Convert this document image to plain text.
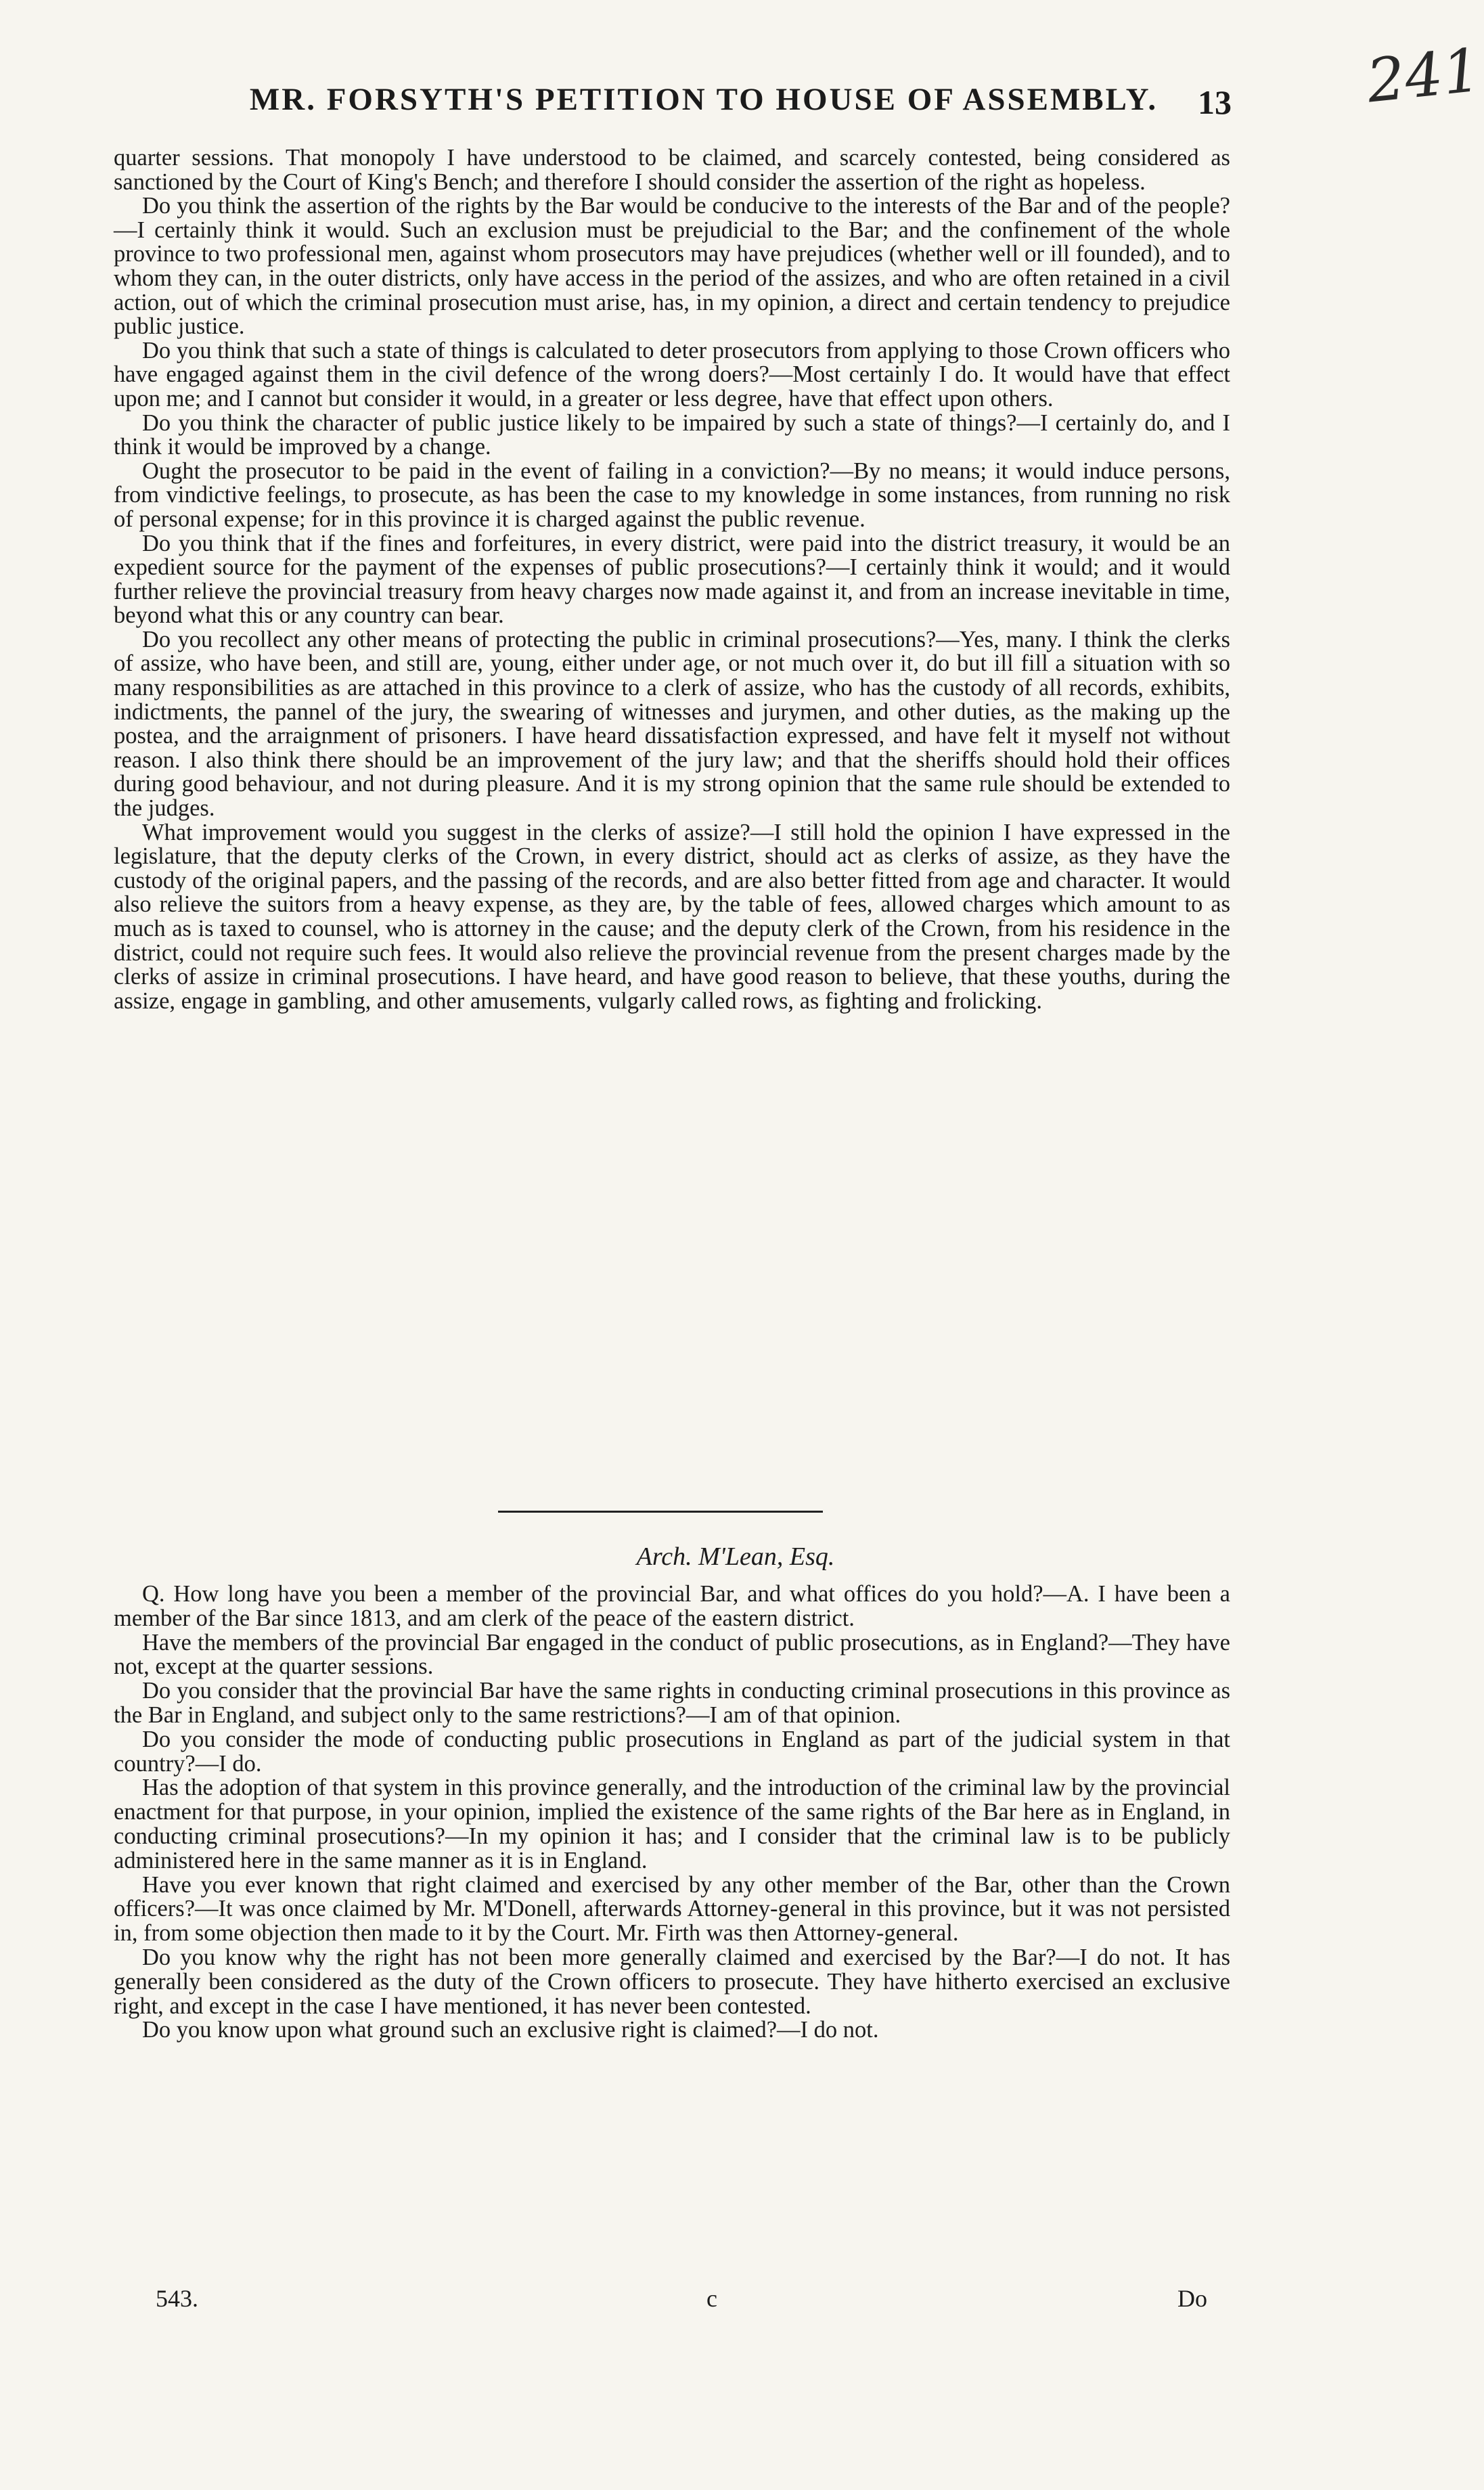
241
MR. FORSYTH'S PETITION TO HOUSE OF ASSEMBLY.	13

quarter sessions. That monopoly I have understood to be claimed, and scarcely contested, being considered as sanctioned by the Court of King's Bench; and therefore I should consider the assertion of the right as hopeless.

Do you think the assertion of the rights by the Bar would be conducive to the interests of the Bar and of the people?—I certainly think it would. Such an exclusion must be prejudicial to the Bar; and the confinement of the whole province to two professional men, against whom prosecutors may have prejudices (whether well or ill founded), and to whom they can, in the outer districts, only have access in the period of the assizes, and who are often retained in a civil action, out of which the criminal prosecution must arise, has, in my opinion, a direct and certain tendency to prejudice public justice.

Do you think that such a state of things is calculated to deter prosecutors from applying to those Crown officers who have engaged against them in the civil defence of the wrong doers?—Most certainly I do. It would have that effect upon me; and I cannot but consider it would, in a greater or less degree, have that effect upon others.

Do you think the character of public justice likely to be impaired by such a state of things?—I certainly do, and I think it would be improved by a change.

Ought the prosecutor to be paid in the event of failing in a conviction?—By no means; it would induce persons, from vindictive feelings, to prosecute, as has been the case to my knowledge in some instances, from running no risk of personal expense; for in this province it is charged against the public revenue.

Do you think that if the fines and forfeitures, in every district, were paid into the district treasury, it would be an expedient source for the payment of the expenses of public prosecutions?—I certainly think it would; and it would further relieve the provincial treasury from heavy charges now made against it, and from an increase inevitable in time, beyond what this or any country can bear.

Do you recollect any other means of protecting the public in criminal prosecutions?—Yes, many. I think the clerks of assize, who have been, and still are, young, either under age, or not much over it, do but ill fill a situation with so many responsibilities as are attached in this province to a clerk of assize, who has the custody of all records, exhibits, indictments, the pannel of the jury, the swearing of witnesses and jurymen, and other duties, as the making up the postea, and the arraignment of prisoners. I have heard dissatisfaction expressed, and have felt it myself not without reason. I also think there should be an improvement of the jury law; and that the sheriffs should hold their offices during good behaviour, and not during pleasure. And it is my strong opinion that the same rule should be extended to the judges.

What improvement would you suggest in the clerks of assize?—I still hold the opinion I have expressed in the legislature, that the deputy clerks of the Crown, in every district, should act as clerks of assize, as they have the custody of the original papers, and the passing of the records, and are also better fitted from age and character. It would also relieve the suitors from a heavy expense, as they are, by the table of fees, allowed charges which amount to as much as is taxed to counsel, who is attorney in the cause; and the deputy clerk of the Crown, from his residence in the district, could not require such fees. It would also relieve the provincial revenue from the present charges made by the clerks of assize in criminal prosecutions. I have heard, and have good reason to believe, that these youths, during the assize, engage in gambling, and other amusements, vulgarly called rows, as fighting and frolicking.

Arch. M'Lean, Esq.

Q. How long have you been a member of the provincial Bar, and what offices do you hold?—A. I have been a member of the Bar since 1813, and am clerk of the peace of the eastern district.

Have the members of the provincial Bar engaged in the conduct of public prosecutions, as in England?—They have not, except at the quarter sessions.

Do you consider that the provincial Bar have the same rights in conducting criminal prosecutions in this province as the Bar in England, and subject only to the same restrictions?—I am of that opinion.

Do you consider the mode of conducting public prosecutions in England as part of the judicial system in that country?—I do.

Has the adoption of that system in this province generally, and the introduction of the criminal law by the provincial enactment for that purpose, in your opinion, implied the existence of the same rights of the Bar here as in England, in conducting criminal prosecutions?—In my opinion it has; and I consider that the criminal law is to be publicly administered here in the same manner as it is in England.

Have you ever known that right claimed and exercised by any other member of the Bar, other than the Crown officers?—It was once claimed by Mr. M'Donell, afterwards Attorney-general in this province, but it was not persisted in, from some objection then made to it by the Court. Mr. Firth was then Attorney-general.

Do you know why the right has not been more generally claimed and exercised by the Bar?—I do not. It has generally been considered as the duty of the Crown officers to prosecute. They have hitherto exercised an exclusive right, and except in the case I have mentioned, it has never been contested.

Do you know upon what ground such an exclusive right is claimed?—I do not.

543.	c	Do
